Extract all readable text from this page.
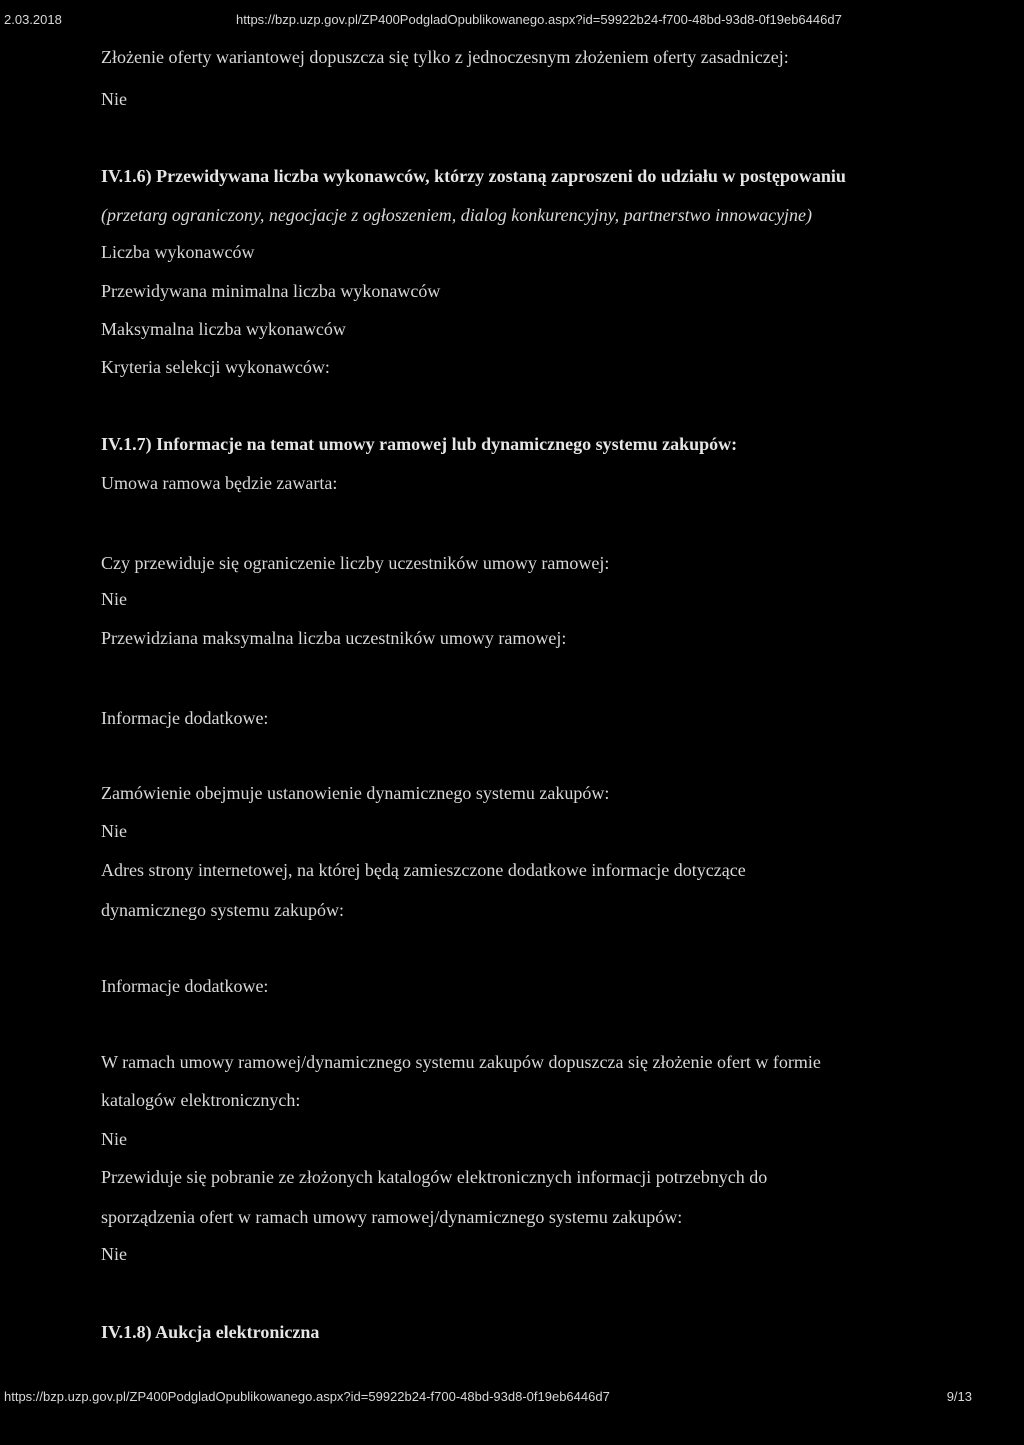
2.03.2018	https://bzp.uzp.gov.pl/ZP400PodgladOpublikowanego.aspx?id=59922b24-f700-48bd-93d8-0f19eb6446d7
Złożenie oferty wariantowej dopuszcza się tylko z jednoczesnym złożeniem oferty zasadniczej:
Nie
IV.1.6) Przewidywana liczba wykonawców, którzy zostaną zaproszeni do udziału w postępowaniu
(przetarg ograniczony, negocjacje z ogłoszeniem, dialog konkurencyjny, partnerstwo innowacyjne)
Liczba wykonawców
Przewidywana minimalna liczba wykonawców
Maksymalna liczba wykonawców
Kryteria selekcji wykonawców:
IV.1.7) Informacje na temat umowy ramowej lub dynamicznego systemu zakupów:
Umowa ramowa będzie zawarta:
Czy przewiduje się ograniczenie liczby uczestników umowy ramowej:
Nie
Przewidziana maksymalna liczba uczestników umowy ramowej:
Informacje dodatkowe:
Zamówienie obejmuje ustanowienie dynamicznego systemu zakupów:
Nie
Adres strony internetowej, na której będą zamieszczone dodatkowe informacje dotyczące
dynamicznego systemu zakupów:
Informacje dodatkowe:
W ramach umowy ramowej/dynamicznego systemu zakupów dopuszcza się złożenie ofert w formie
katalogów elektronicznych:
Nie
Przewiduje się pobranie ze złożonych katalogów elektronicznych informacji potrzebnych do
sporządzenia ofert w ramach umowy ramowej/dynamicznego systemu zakupów:
Nie
IV.1.8) Aukcja elektroniczna
https://bzp.uzp.gov.pl/ZP400PodgladOpublikowanego.aspx?id=59922b24-f700-48bd-93d8-0f19eb6446d7	9/13
